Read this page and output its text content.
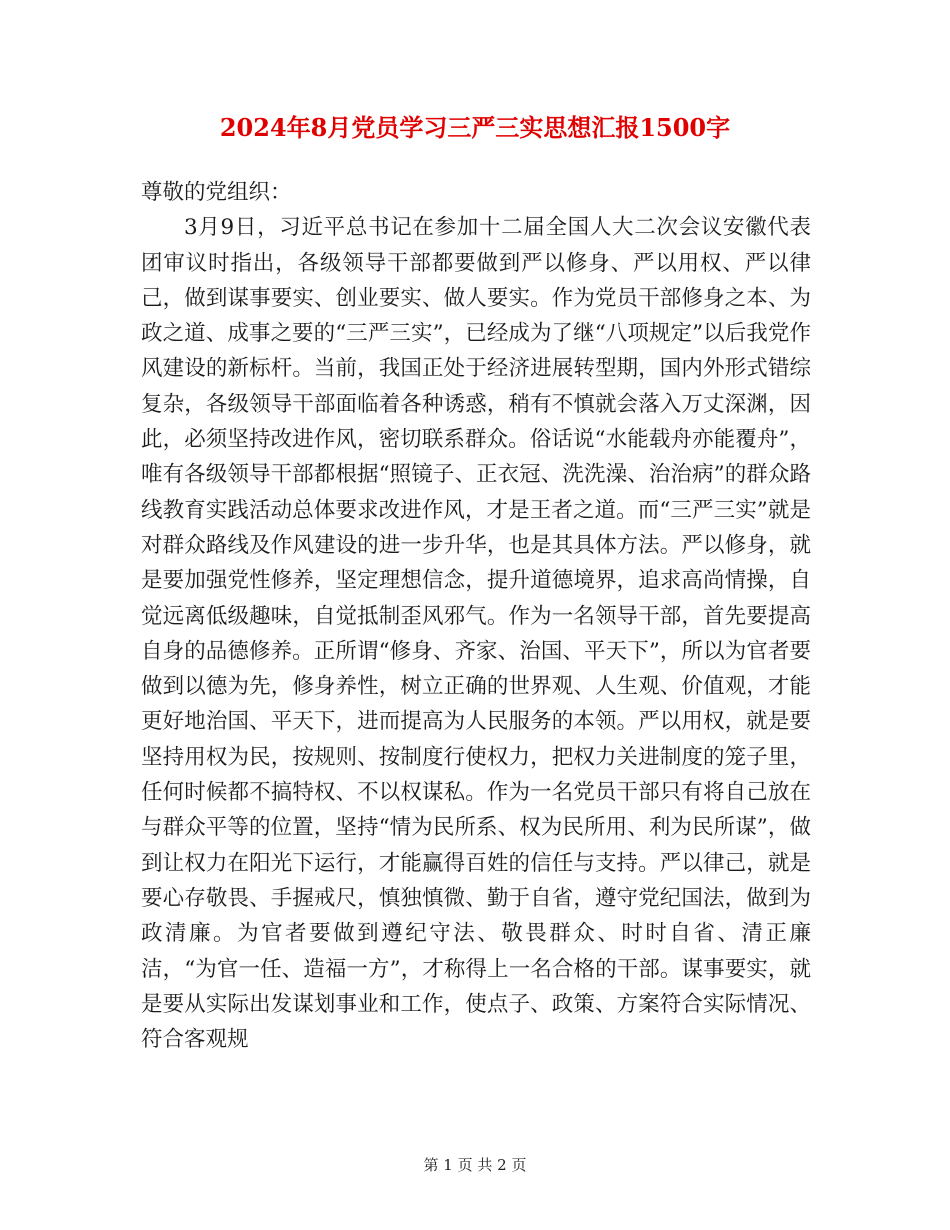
2024年8月党员学习三严三实思想汇报1500字

尊敬的党组织：

3月9日，习近平总书记在参加十二届全国人大二次会议安徽代表团审议时指出，各级领导干部都要做到严以修身、严以用权、严以律己，做到谋事要实、创业要实、做人要实。作为党员干部修身之本、为政之道、成事之要的“三严三实”，已经成为了继“八项规定”以后我党作风建设的新标杆。当前，我国正处于经济进展转型期，国内外形式错综复杂，各级领导干部面临着各种诱惑，稍有不慎就会落入万丈深渊，因此，必须坚持改进作风，密切联系群众。俗话说“水能载舟亦能覆舟”，唯有各级领导干部都根据“照镜子、正衣冠、洗洗澡、治治病”的群众路线教育实践活动总体要求改进作风，才是王者之道。而“三严三实”就是对群众路线及作风建设的进一步升华，也是其具体方法。严以修身，就是要加强党性修养，坚定理想信念，提升道德境界，追求高尚情操，自觉远离低级趣味，自觉抵制歪风邪气。作为一名领导干部，首先要提高自身的品德修养。正所谓“修身、齐家、治国、平天下”，所以为官者要做到以德为先，修身养性，树立正确的世界观、人生观、价值观，才能更好地治国、平天下，进而提高为人民服务的本领。严以用权，就是要坚持用权为民，按规则、按制度行使权力，把权力关进制度的笼子里，任何时候都不搞特权、不以权谋私。作为一名党员干部只有将自己放在与群众平等的位置，坚持“情为民所系、权为民所用、利为民所谋”，做到让权力在阳光下运行，才能赢得百姓的信任与支持。严以律己，就是要心存敬畏、手握戒尺，慎独慎微、勤于自省，遵守党纪国法，做到为政清廉。为官者要做到遵纪守法、敬畏群众、时时自省、清正廉洁，“为官一任、造福一方”，才称得上一名合格的干部。谋事要实，就是要从实际出发谋划事业和工作，使点子、政策、方案符合实际情况、符合客观规

第 1 页 共 2 页
